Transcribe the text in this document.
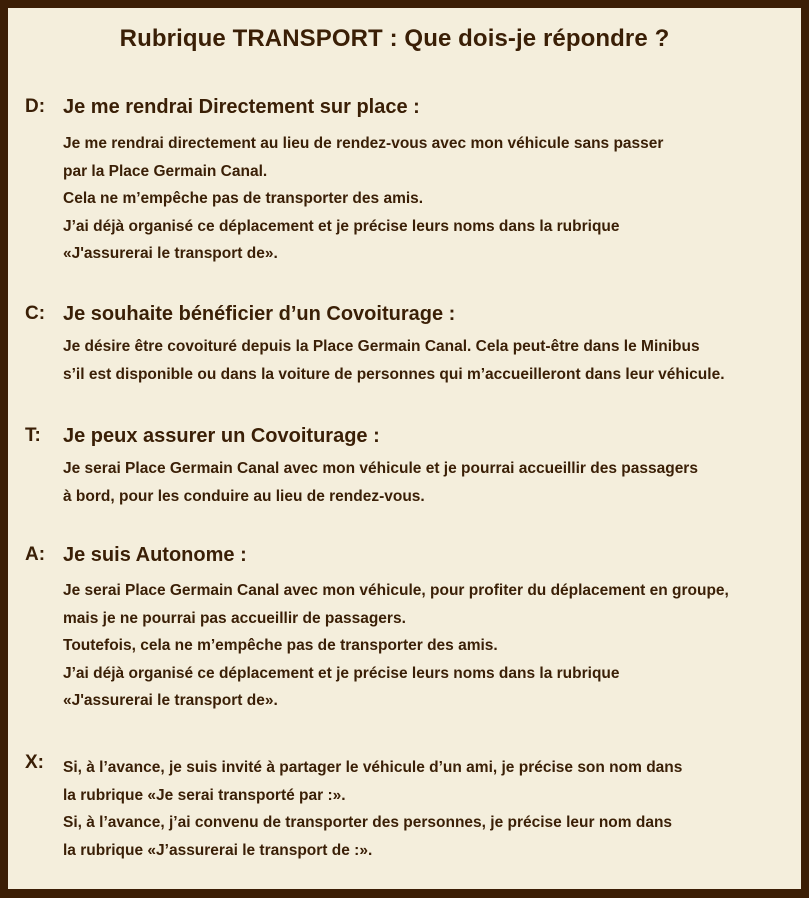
Rubrique TRANSPORT : Que dois-je répondre ?
D: Je me rendrai Directement sur place :
Je me rendrai directement au lieu de rendez-vous avec mon véhicule sans passer
par la Place Germain Canal.
Cela ne m’empêche pas de transporter des amis.
J’ai déjà organisé ce déplacement et je précise leurs noms dans la rubrique
«J'assurerai le transport de».
C: Je souhaite bénéficier d’un Covoiturage :
Je désire être covoituré depuis la Place Germain Canal. Cela peut-être dans le Minibus
s’il est disponible ou dans la voiture de personnes qui m’accueilleront dans leur véhicule.
T: Je peux assurer un Covoiturage :
Je serai Place Germain Canal avec mon véhicule et je pourrai accueillir des passagers
à bord, pour les conduire au lieu de rendez-vous.
A: Je suis Autonome :
Je serai Place Germain Canal avec mon véhicule, pour profiter du déplacement en groupe,
mais je ne pourrai pas accueillir de passagers.
Toutefois, cela ne m’empêche pas de transporter des amis.
J’ai déjà organisé ce déplacement et je précise leurs noms dans la rubrique
«J'assurerai le transport de».
X: Si, à l’avance, je suis invité à partager le véhicule d’un ami, je précise son nom dans
la rubrique «Je serai transporté par :».
Si, à l’avance, j’ai convenu de transporter des personnes, je précise leur nom dans
la rubrique «J’assurerai le transport de :».
